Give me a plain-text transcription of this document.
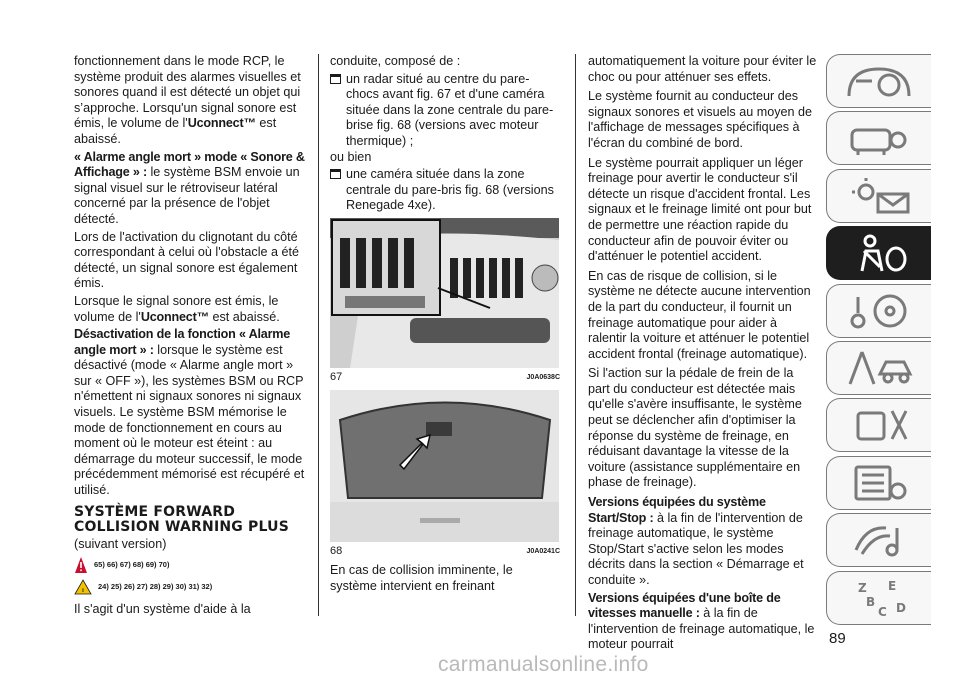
fonctionnement dans le mode RCP, le système produit des alarmes visuelles et sonores quand il est détecté un objet qui s’approche. Lorsqu'un signal sonore est émis, le volume de l'Uconnect™ est abaissé.

« Alarme angle mort » mode « Sonore & Affichage » : le système BSM envoie un signal visuel sur le rétroviseur latéral concerné par la présence de l'objet détecté.

Lors de l'activation du clignotant du côté correspondant à celui où l'obstacle a été détecté, un signal sonore est également émis.

Lorsque le signal sonore est émis, le volume de l'Uconnect™ est abaissé.

Désactivation de la fonction « Alarme angle mort » : lorsque le système est désactivé (mode « Alarme angle mort » sur « OFF »), les systèmes BSM ou RCP n'émettent ni signaux sonores ni signaux visuels. Le système BSM mémorise le mode de fonctionnement en cours au moment où le moteur est éteint : au démarrage du moteur successif, le mode précédemment mémorisé est récupéré et utilisé.

SYSTÈME FORWARD COLLISION WARNING PLUS

(suivant version)

65) 66) 67) 68) 69) 70)
i 24) 25) 26) 27) 28) 29) 30) 31) 32)

Il s'agit d'un système d'aide à la

conduite, composé de :

un radar situé au centre du pare-chocs avant fig. 67 et d'une caméra située dans la zone centrale du pare-brise fig. 68 (versions avec moteur thermique) ;

ou bien

une caméra située dans la zone centrale du pare-bris fig. 68 (versions Renegade 4xe).
67	J0A0638C
68	J0A0241C

En cas de collision imminente, le système intervient en freinant

automatiquement la voiture pour éviter le choc ou pour atténuer ses effets.

Le système fournit au conducteur des signaux sonores et visuels au moyen de l'affichage de messages spécifiques à l'écran du combiné de bord.

Le système pourrait appliquer un léger freinage pour avertir le conducteur s'il détecte un risque d'accident frontal. Les signaux et le freinage limité ont pour but de permettre une réaction rapide du conducteur afin de pouvoir éviter ou d'atténuer le potentiel accident.

En cas de risque de collision, si le système ne détecte aucune intervention de la part du conducteur, il fournit un freinage automatique pour aider à ralentir la voiture et atténuer le potentiel accident frontal (freinage automatique).

Si l'action sur la pédale de frein de la part du conducteur est détectée mais qu'elle s'avère insuffisante, le système peut se déclencher afin d'optimiser la réponse du système de freinage, en réduisant davantage la vitesse de la voiture (assistance supplémentaire en phase de freinage).

Versions équipées du système Start/Stop : à la fin de l'intervention de freinage automatique, le système Stop/Start s'active selon les modes décrits dans la section « Démarrage et conduite ».

Versions équipées d'une boîte de vitesses manuelle : à la fin de l'intervention de freinage automatique, le moteur pourrait

Z E
B
C D
89
carmanualsonline.info
